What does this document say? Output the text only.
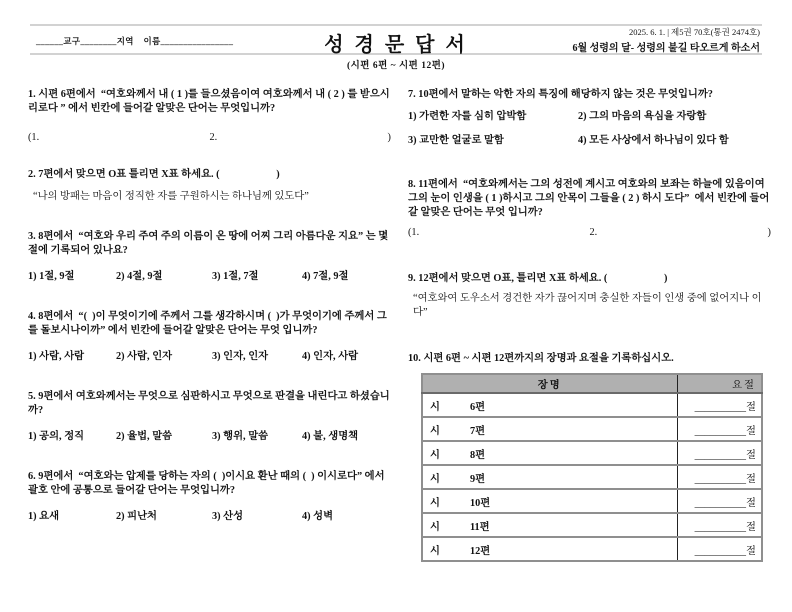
______교구________지역    이름________________	성 경 문 답 서
2025. 6. 1. | 제5권 70호(통권 2474호)
6월 성령의 달- 성령의 불길 타오르게 하소서
(시편 6편 ~ 시편 12편)
1. 시편 6편에서  “여호와께서 내 ( 1 )를 들으셨음이여 여호와께서 내 ( 2 ) 를 받으시리로다 ” 에서 빈칸에 들어갈 알맞은 단어는 무엇입니까?
(1.	2.	)
2. 7편에서 맞으면 O표 틀리면 X표 하세요. (                      )
“나의 방패는 마음이 정직한 자를 구원하시는 하나님께 있도다”
3. 8편에서  “여호와 우리 주여 주의 이름이 온 땅에 어찌 그리 아름다운 지요” 는 몇 절에 기록되어 있나요?
1) 1절, 9절	2) 4절, 9절	3) 1절, 7절	4) 7절, 9절
4. 8편에서  “(  )이 무엇이기에 주께서 그를 생각하시며 (  )가 무엇이기에 주께서 그를 돌보시나이까” 에서 빈칸에 들어갈 알맞은 단어는 무엇 입니까?
1) 사람, 사람	2) 사람, 인자	3) 인자, 인자	4) 인자, 사람
5. 9편에서 여호와께서는 무엇으로 심판하시고 무엇으로 판결을 내린다고 하셨습니까?
1) 공의, 정직	2) 율법, 말씀	3) 행위, 말씀	4) 불, 생명책
6. 9편에서  “여호와는 압제를 당하는 자의 (  )이시요 환난 때의 (  ) 이시로다” 에서 괄호 안에 공통으로 들어갈 단어는 무엇입니까?
1) 요새	2) 피난처	3) 산성	4) 성벽
7. 10편에서 말하는 악한 자의 특징에 해당하지 않는 것은 무엇입니까?
1) 가련한 자를 심히 압박함	2) 그의 마음의 욕심을 자랑함
3) 교만한 얼굴로 말함	4) 모든 사상에서 하나님이 있다 함
8. 11편에서  “여호와께서는 그의 성전에 계시고 여호와의 보좌는 하늘에 있음이여 그의 눈이 인생을 ( 1 )하시고 그의 안목이 그들을 ( 2 ) 하시 도다”  에서 빈칸에 들어갈 알맞은 단어는 무엇 입니까?
(1.	2.	)
9. 12편에서 맞으면 O표, 틀리면 X표 하세요. (                      )
“여호와여 도우소서 경건한 자가 끊어지며 충실한 자들이 인생 중에 없어지나 이다”
10. 시편 6편 ~ 시편 12편까지의 장명과 요절을 기록하십시오.
장명	요절
시 6편	__________절
시 7편	__________절
시 8편	__________절
시 9편	__________절
시 10편	__________절
시 11편	__________절
시 12편	__________절
